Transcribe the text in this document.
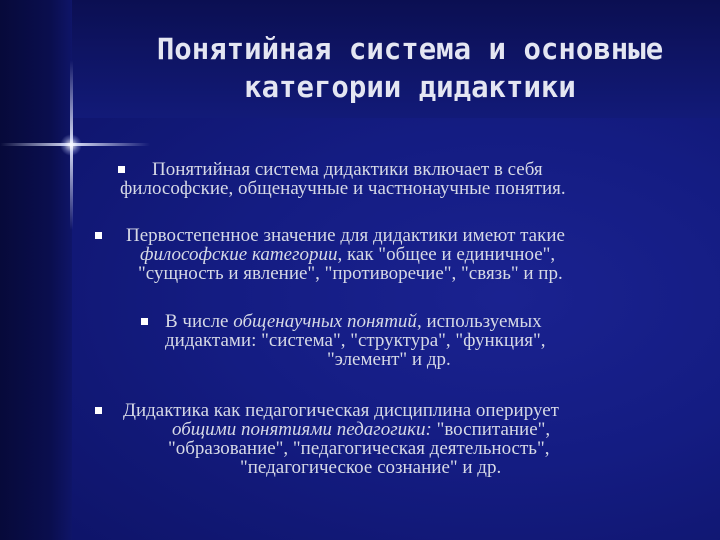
Понятийная система и основные
категории дидактики
Понятийная система дидактики включает в себя
философские, общенаучные и частнонаучные понятия.
Первостепенное значение для дидактики имеют такие
философские категории, как "общее и единичное",
"сущность и явление", "противоречие", "связь" и пр.
В числе общенаучных понятий, используемых
дидактами: "система", "структура", "функция",
"элемент" и др.
Дидактика как педагогическая дисциплина оперирует
общими понятиями педагогики: "воспитание",
"образование", "педагогическая деятельность",
"педагогическое сознание" и др.
